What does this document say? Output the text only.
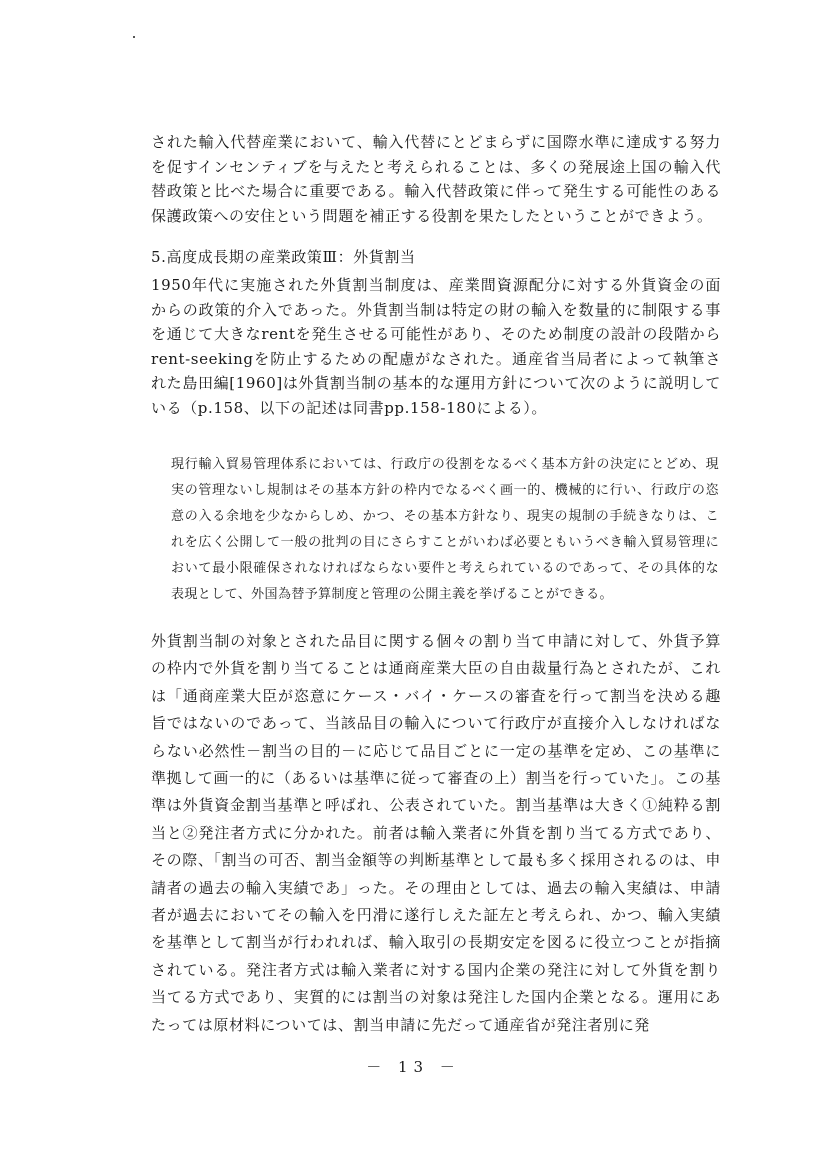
された輸入代替産業において、輸入代替にとどまらずに国際水準に達成する努力を促すインセンティブを与えたと考えられることは、多くの発展途上国の輸入代替政策と比べた場合に重要である。輸入代替政策に伴って発生する可能性のある保護政策への安住という問題を補正する役割を果たしたということができよう。

5.高度成長期の産業政策Ⅲ：外貨割当

1950年代に実施された外貨割当制度は、産業間資源配分に対する外貨資金の面からの政策的介入であった。外貨割当制は特定の財の輸入を数量的に制限する事を通じて大きなrentを発生させる可能性があり、そのため制度の設計の段階からrent-seekingを防止するための配慮がなされた。通産省当局者によって執筆された島田編[1960]は外貨割当制の基本的な運用方針について次のように説明している（p.158、以下の記述は同書pp.158-180による）。

現行輸入貿易管理体系においては、行政庁の役割をなるべく基本方針の決定にとどめ、現実の管理ないし規制はその基本方針の枠内でなるべく画一的、機械的に行い、行政庁の恣意の入る余地を少なからしめ、かつ、その基本方針なり、現実の規制の手続きなりは、これを広く公開して一般の批判の目にさらすことがいわば必要ともいうべき輸入貿易管理において最小限確保されなければならない要件と考えられているのであって、その具体的な表現として、外国為替予算制度と管理の公開主義を挙げることができる。

外貨割当制の対象とされた品目に関する個々の割り当て申請に対して、外貨予算の枠内で外貨を割り当てることは通商産業大臣の自由裁量行為とされたが、これは「通商産業大臣が恣意にケース・バイ・ケースの審査を行って割当を決める趣旨ではないのであって、当該品目の輸入について行政庁が直接介入しなければならない必然性－割当の目的－に応じて品目ごとに一定の基準を定め、この基準に準拠して画一的に（あるいは基準に従って審査の上）割当を行っていた」。この基準は外貨資金割当基準と呼ばれ、公表されていた。割当基準は大きく①純粋る割当と②発注者方式に分かれた。前者は輸入業者に外貨を割り当てる方式であり、その際、「割当の可否、割当金額等の判断基準として最も多く採用されるのは、申請者の過去の輸入実績であ」った。その理由としては、過去の輸入実績は、申請者が過去においてその輸入を円滑に遂行しえた証左と考えられ、かつ、輸入実績を基準として割当が行われれば、輸入取引の長期安定を図るに役立つことが指摘されている。発注者方式は輸入業者に対する国内企業の発注に対して外貨を割り当てる方式であり、実質的には割当の対象は発注した国内企業となる。運用にあたっては原材料については、割当申請に先だって通産省が発注者別に発

－ 13 －
